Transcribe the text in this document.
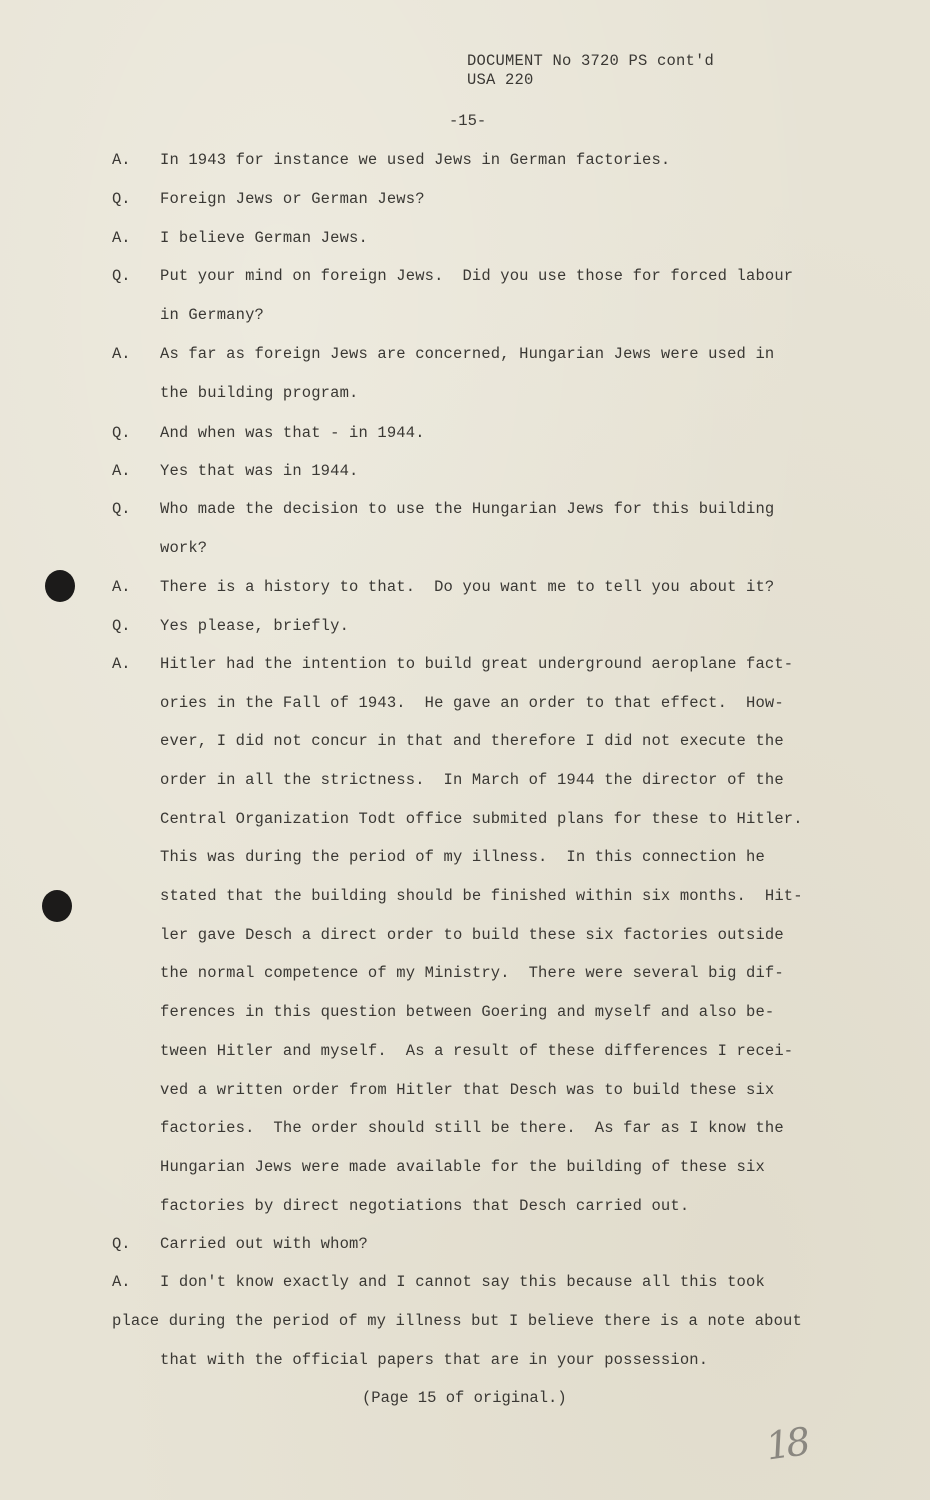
DOCUMENT No 3720 PS cont'd
USA 220
-15-
A. In 1943 for instance we used Jews in German factories.
Q. Foreign Jews or German Jews?
A. I believe German Jews.
Q. Put your mind on foreign Jews.  Did you use those for forced labour
in Germany?
A. As far as foreign Jews are concerned, Hungarian Jews were used in
the building program.
Q. And when was that - in 1944.
A. Yes that was in 1944.
Q. Who made the decision to use the Hungarian Jews for this building
work?
A. There is a history to that.  Do you want me to tell you about it?
Q. Yes please, briefly.
A. Hitler had the intention to build great underground aeroplane fact-
ories in the Fall of 1943.  He gave an order to that effect.  How-
ever, I did not concur in that and therefore I did not execute the
order in all the strictness.  In March of 1944 the director of the
Central Organization Todt office submited plans for these to Hitler.
This was during the period of my illness.  In this connection he
stated that the building should be finished within six months.  Hit-
ler gave Desch a direct order to build these six factories outside
the normal competence of my Ministry.  There were several big dif-
ferences in this question between Goering and myself and also be-
tween Hitler and myself.  As a result of these differences I recei-
ved a written order from Hitler that Desch was to build these six
factories.  The order should still be there.  As far as I know the
Hungarian Jews were made available for the building of these six
factories by direct negotiations that Desch carried out.
Q. Carried out with whom?
A. I don't know exactly and I cannot say this because all this took
place during the period of my illness but I believe there is a note about
that with the official papers that are in your possession.
(Page 15 of original.)
18
